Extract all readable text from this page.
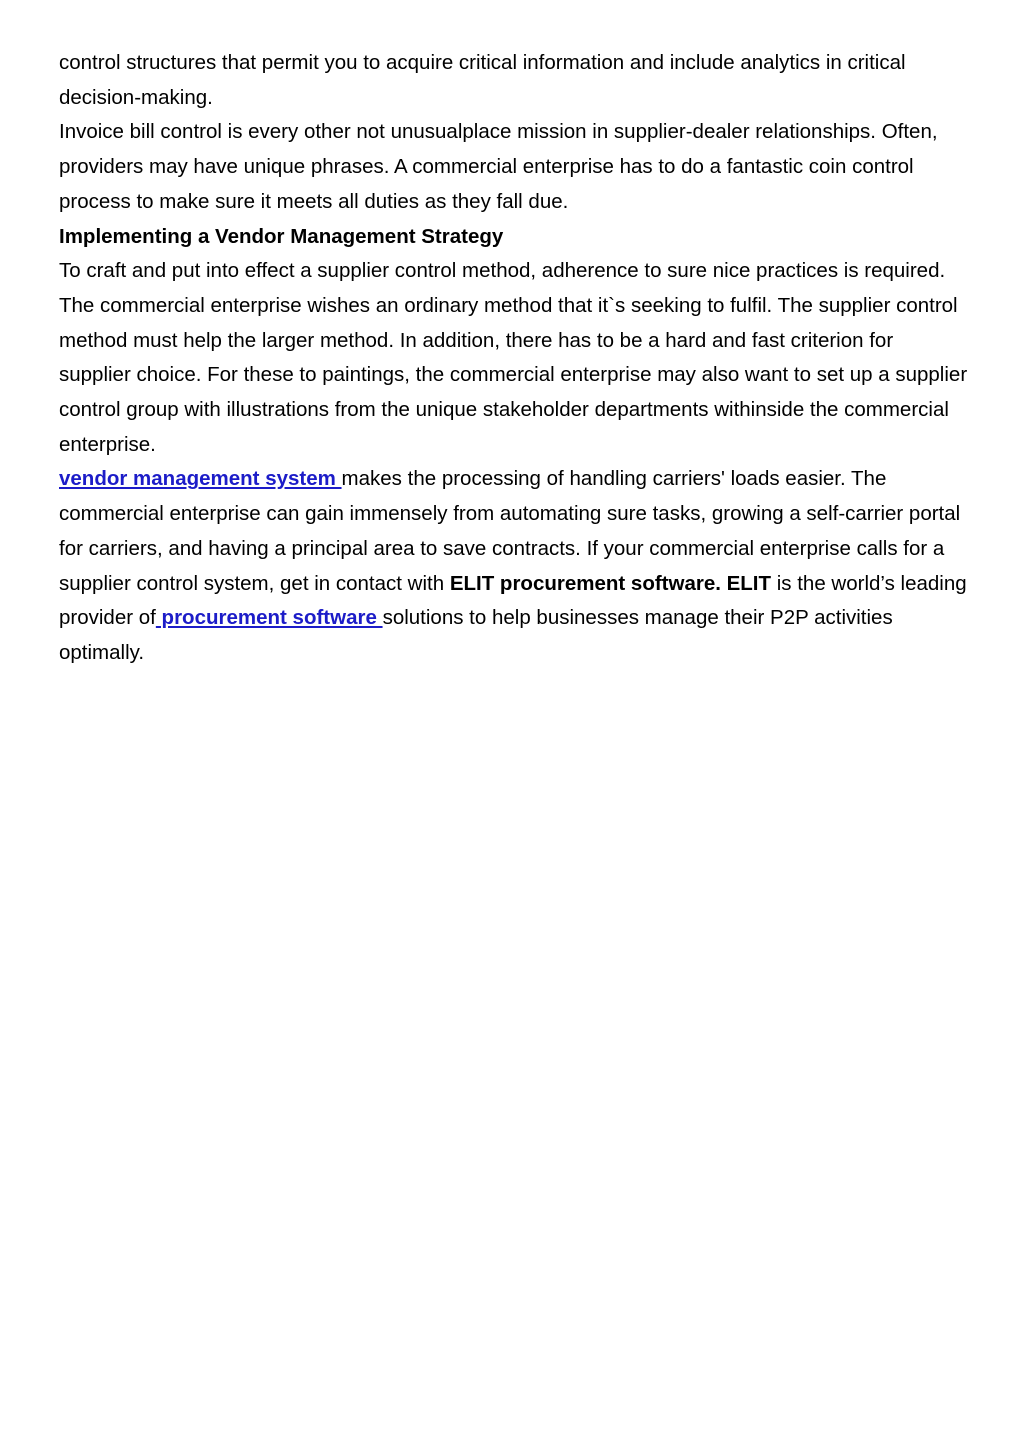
control structures that permit you to acquire critical information and include analytics in critical decision-making.

Invoice bill control is every other not unusualplace mission in supplier-dealer relationships. Often, providers may have unique phrases. A commercial enterprise has to do a fantastic coin control process to make sure it meets all duties as they fall due.

Implementing a Vendor Management Strategy

To craft and put into effect a supplier control method, adherence to sure nice practices is required.

The commercial enterprise wishes an ordinary method that it`s seeking to fulfil. The supplier control method must help the larger method. In addition, there has to be a hard and fast criterion for supplier choice. For these to paintings, the commercial enterprise may also want to set up a supplier control group with illustrations from the unique stakeholder departments withinside the commercial enterprise.

vendor management system makes the processing of handling carriers' loads easier. The commercial enterprise can gain immensely from automating sure tasks, growing a self-carrier portal for carriers, and having a principal area to save contracts. If your commercial enterprise calls for a supplier control system, get in contact with ELIT procurement software. ELIT is the world’s leading provider of procurement software solutions to help businesses manage their P2P activities optimally.
